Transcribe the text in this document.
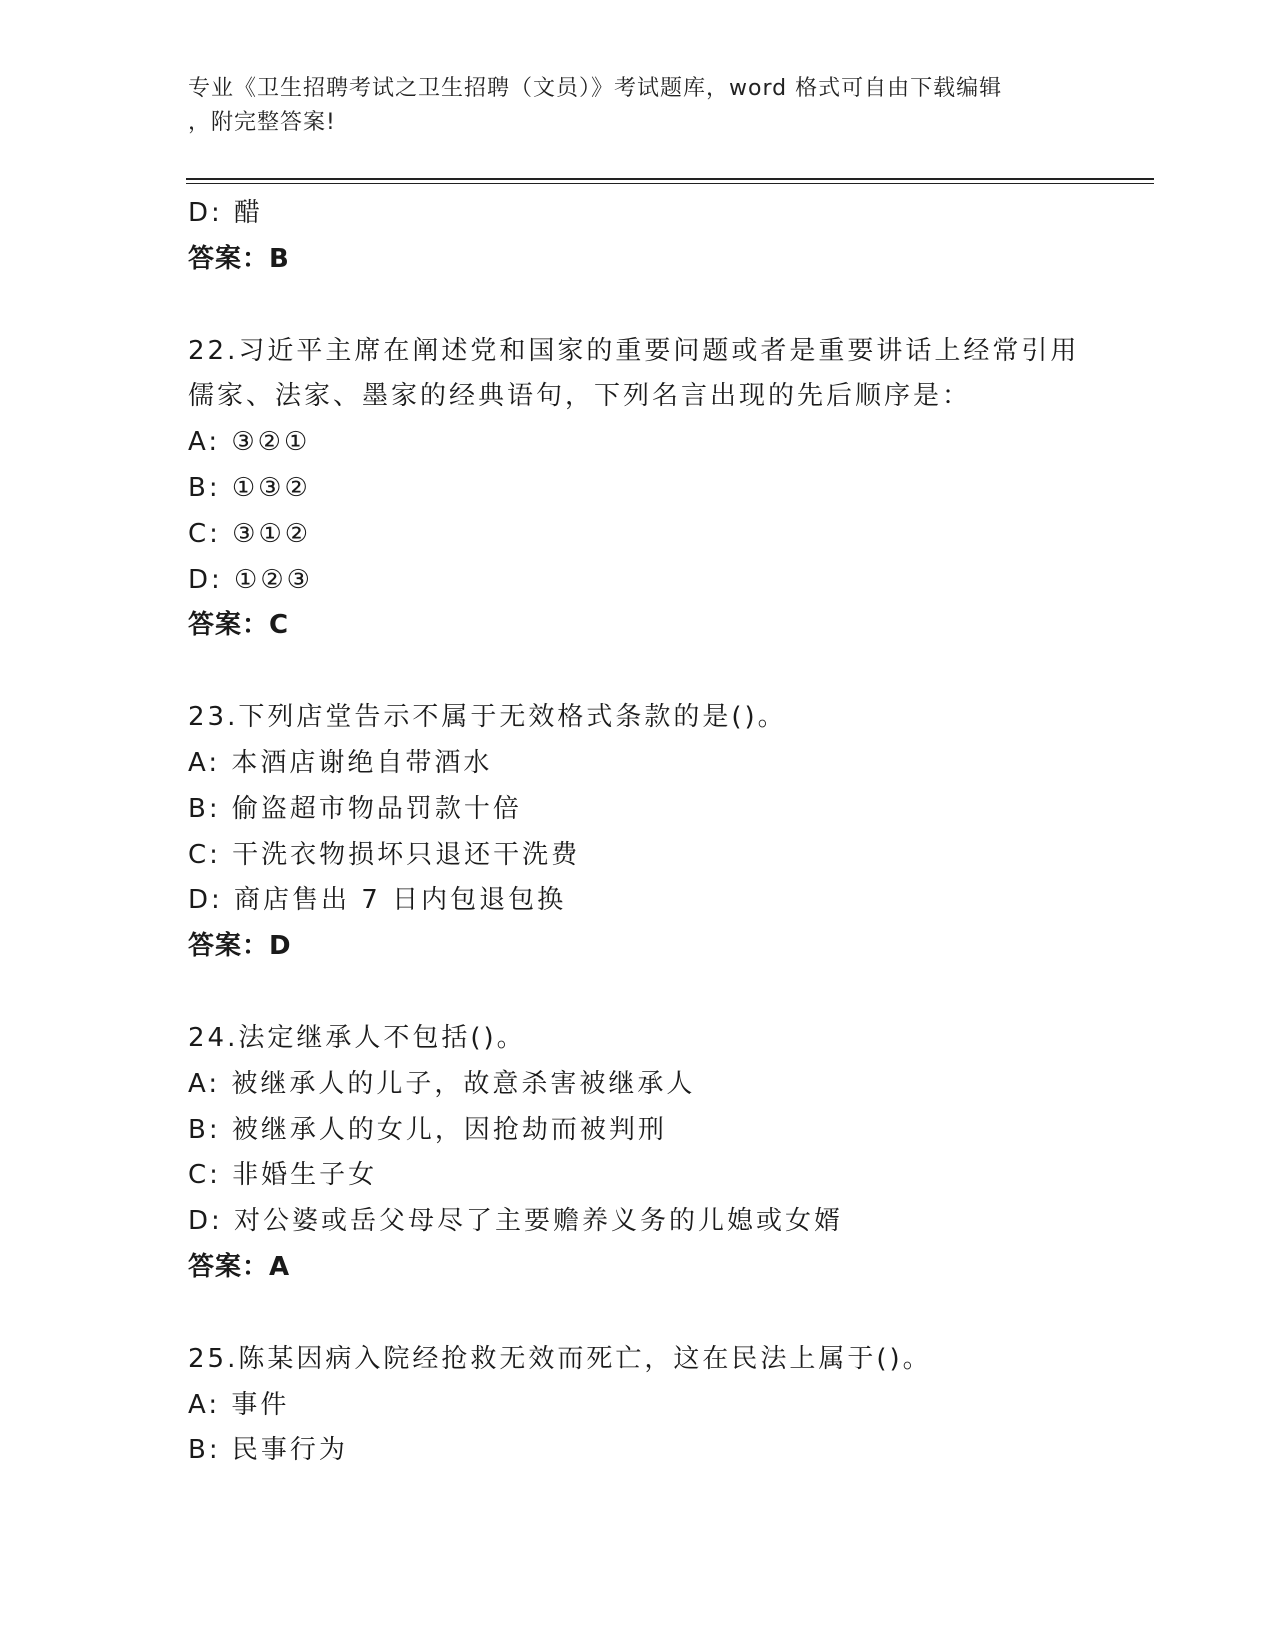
专业《卫生招聘考试之卫生招聘（文员）》考试题库，word 格式可自由下载编辑
，附完整答案!
D: 醋
答案：B
22.习近平主席在阐述党和国家的重要问题或者是重要讲话上经常引用
儒家、法家、墨家的经典语句，下列名言出现的先后顺序是：
A: ③②①
B: ①③②
C: ③①②
D: ①②③
答案：C
23.下列店堂告示不属于无效格式条款的是()。
A: 本酒店谢绝自带酒水
B: 偷盗超市物品罚款十倍
C: 干洗衣物损坏只退还干洗费
D: 商店售出 7 日内包退包换
答案：D
24.法定继承人不包括()。
A: 被继承人的儿子，故意杀害被继承人
B: 被继承人的女儿，因抢劫而被判刑
C: 非婚生子女
D: 对公婆或岳父母尽了主要赡养义务的儿媳或女婿
答案：A
25.陈某因病入院经抢救无效而死亡，这在民法上属于()。
A: 事件
B: 民事行为
